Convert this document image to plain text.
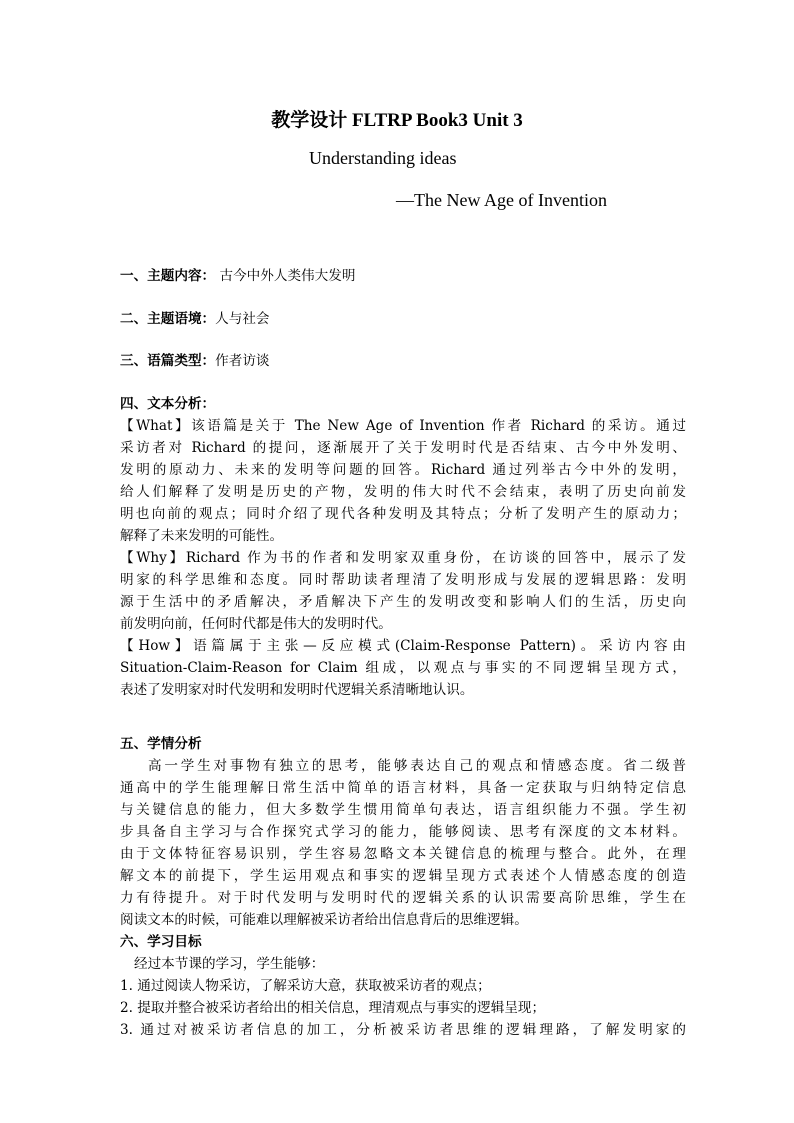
教学设计 FLTRP Book3 Unit 3
Understanding ideas
—The New Age of Invention
一、主题内容： 古今中外人类伟大发明
二、主题语境：人与社会
三、语篇类型：作者访谈
四、文本分析：
【What】该语篇是关于 The New Age of Invention 作者 Richard 的采访。通过
采访者对 Richard 的提问，逐渐展开了关于发明时代是否结束、古今中外发明、
发明的原动力、未来的发明等问题的回答。Richard 通过列举古今中外的发明，
给人们解释了发明是历史的产物，发明的伟大时代不会结束，表明了历史向前发
明也向前的观点；同时介绍了现代各种发明及其特点；分析了发明产生的原动力；
解释了未来发明的可能性。
【Why】Richard 作为书的作者和发明家双重身份，在访谈的回答中，展示了发
明家的科学思维和态度。同时帮助读者理清了发明形成与发展的逻辑思路：发明
源于生活中的矛盾解决，矛盾解决下产生的发明改变和影响人们的生活，历史向
前发明向前，任何时代都是伟大的发明时代。
【How】语篇属于主张—反应模式(Claim-Response Pattern)。采访内容由
Situation-Claim-Reason for Claim 组成，以观点与事实的不同逻辑呈现方式，
表述了发明家对时代发明和发明时代逻辑关系清晰地认识。
五、学情分析
高一学生对事物有独立的思考，能够表达自己的观点和情感态度。省二级普
通高中的学生能理解日常生活中简单的语言材料，具备一定获取与归纳特定信息
与关键信息的能力，但大多数学生惯用简单句表达，语言组织能力不强。学生初
步具备自主学习与合作探究式学习的能力，能够阅读、思考有深度的文本材料。
由于文体特征容易识别，学生容易忽略文本关键信息的梳理与整合。此外，在理
解文本的前提下，学生运用观点和事实的逻辑呈现方式表述个人情感态度的创造
力有待提升。对于时代发明与发明时代的逻辑关系的认识需要高阶思维，学生在
阅读文本的时候，可能难以理解被采访者给出信息背后的思维逻辑。
六、学习目标
经过本节课的学习，学生能够：
1. 通过阅读人物采访，了解采访大意，获取被采访者的观点；
2. 提取并整合被采访者给出的相关信息，理清观点与事实的逻辑呈现；
3. 通过对被采访者信息的加工，分析被采访者思维的逻辑理路，了解发明家的
